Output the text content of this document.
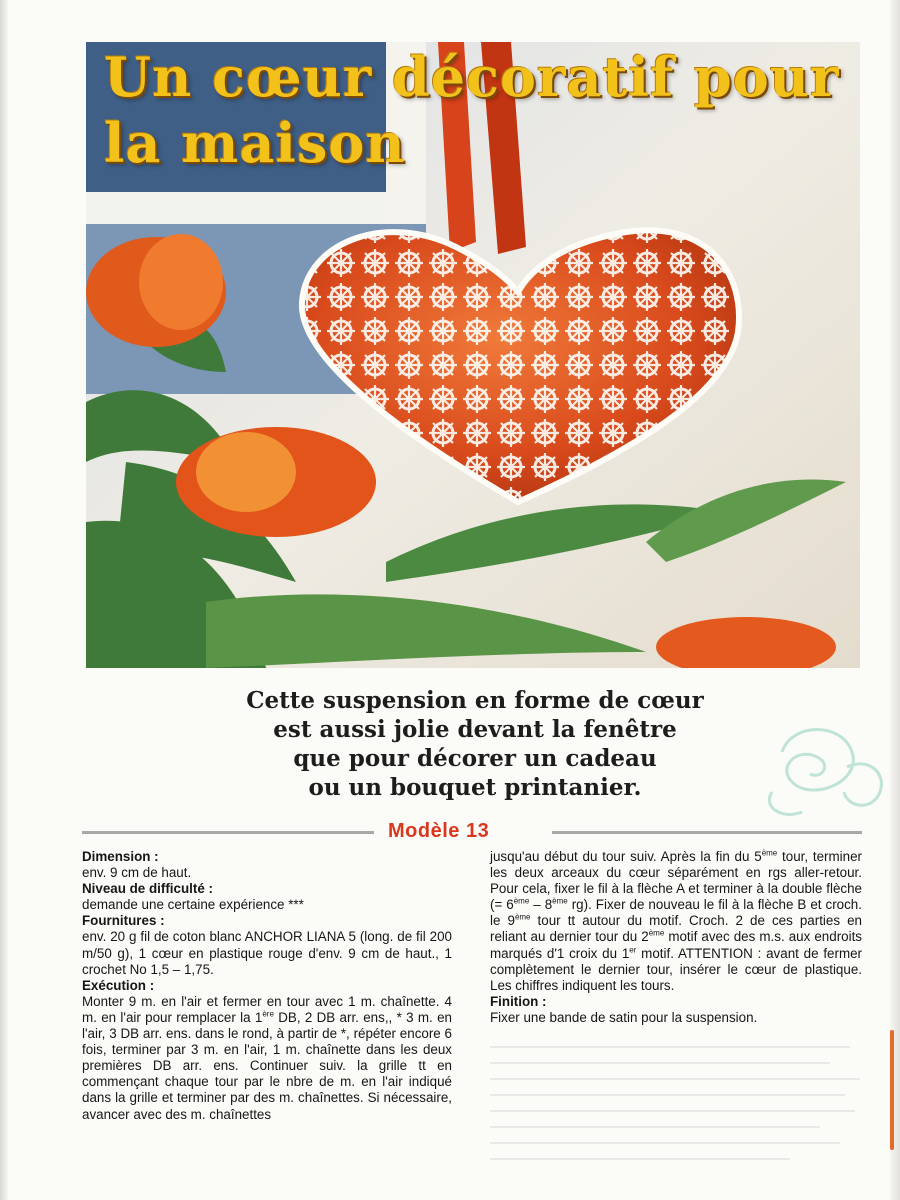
Un cœur décoratif pour la maison

Cette suspension en forme de cœur
est aussi jolie devant la fenêtre
que pour décorer un cadeau
ou un bouquet printanier.

Modèle 13

Dimension :

env. 9 cm de haut.

Niveau de difficulté :

demande une certaine expérience ***

Fournitures :

env. 20 g fil de coton blanc ANCHOR LIANA 5 (long. de fil 200 m/50 g), 1 cœur en plastique rouge d'env. 9 cm de haut., 1 crochet No 1,5 – 1,75.

Exécution :

Monter 9 m. en l'air et fermer en tour avec 1 m. chaînette. 4 m. en l'air pour remplacer la 1ère DB, 2 DB arr. ens,, * 3 m. en l'air, 3 DB arr. ens. dans le rond, à partir de *, répéter encore 6 fois, terminer par 3 m. en l'air, 1 m. chaînette dans les deux premières DB arr. ens. Continuer suiv. la grille tt en commençant chaque tour par le nbre de m. en l'air indiqué dans la grille et terminer par des m. chaînettes. Si nécessaire, avancer avec des m. chaînettes

jusqu'au début du tour suiv. Après la fin du 5ème tour, terminer les deux arceaux du cœur séparément en rgs aller-retour. Pour cela, fixer le fil à la flèche A et terminer à la double flèche (= 6ème – 8ème rg). Fixer de nouveau le fil à la flèche B et croch. le 9ème tour tt autour du motif. Croch. 2 de ces parties en reliant au dernier tour du 2ème motif avec des m.s. aux endroits marqués d'1 croix du 1er motif. ATTENTION : avant de fermer complètement le dernier tour, insérer le cœur de plastique. Les chiffres indiquent les tours.

Finition :

Fixer une bande de satin pour la suspension.
